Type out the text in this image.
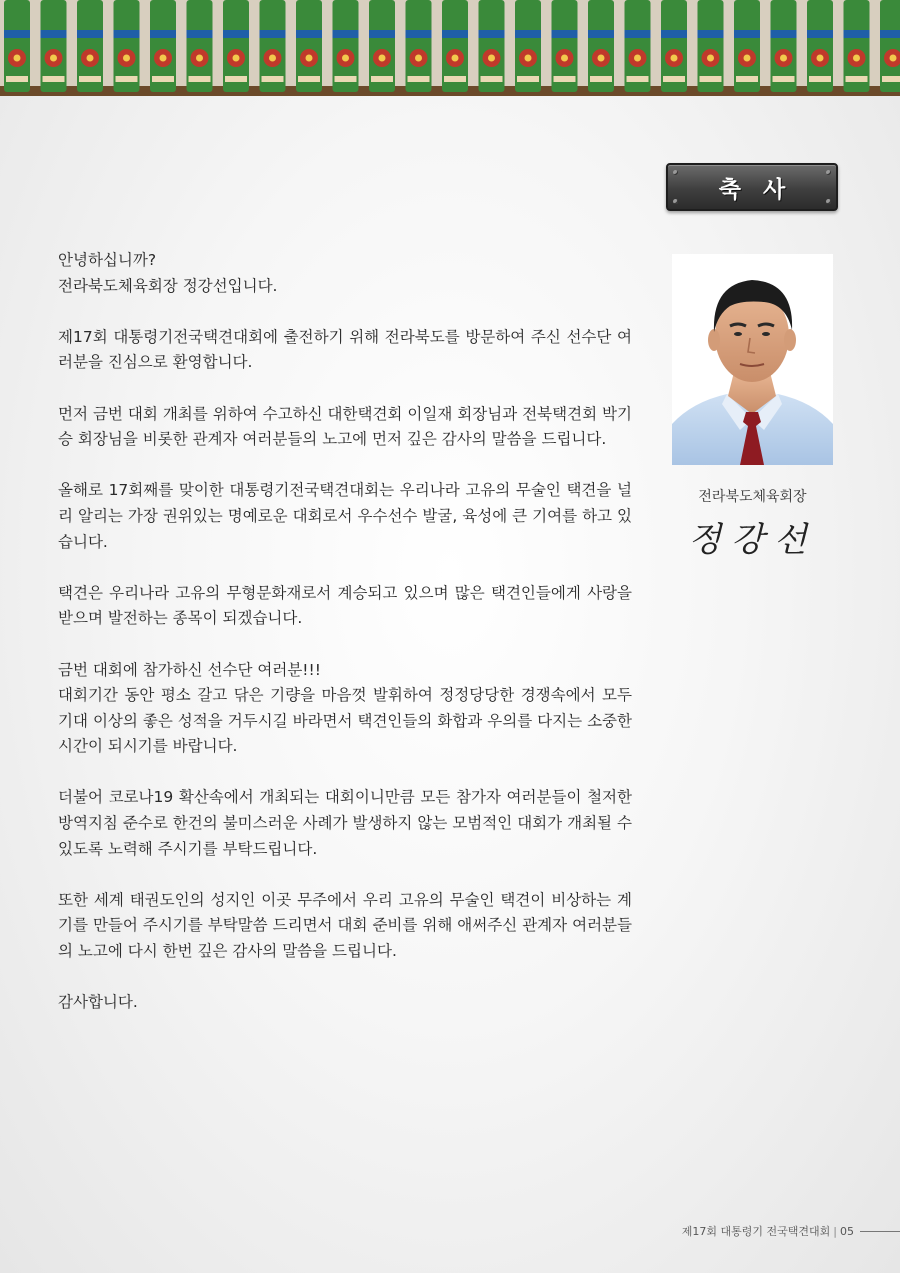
축사
전라북도체육회장
정강선

안녕하십니까?
전라북도체육회장 정강선입니다.

제17회 대통령기전국택견대회에 출전하기 위해 전라북도를 방문하여 주신 선수단 여러분을 진심으로 환영합니다.

먼저 금번 대회 개최를 위하여 수고하신 대한택견회 이일재 회장님과 전북택견회 박기승 회장님을 비롯한 관계자 여러분들의 노고에 먼저 깊은 감사의 말씀을 드립니다.

올해로 17회째를 맞이한 대통령기전국택견대회는 우리나라 고유의 무술인 택견을 널리 알리는 가장 권위있는 명예로운 대회로서 우수선수 발굴, 육성에 큰 기여를 하고 있습니다.

택견은 우리나라 고유의 무형문화재로서 계승되고 있으며 많은 택견인들에게 사랑을 받으며 발전하는 종목이 되겠습니다.

금번 대회에 참가하신 선수단 여러분!!!
대회기간 동안 평소 갈고 닦은 기량을 마음껏 발휘하여 정정당당한 경쟁속에서 모두 기대 이상의 좋은 성적을 거두시길 바라면서 택견인들의 화합과 우의를 다지는 소중한 시간이 되시기를 바랍니다.

더불어 코로나19 확산속에서 개최되는 대회이니만큼 모든 참가자 여러분들이 철저한 방역지침 준수로 한건의 불미스러운 사례가 발생하지 않는 모범적인 대회가 개최될 수 있도록 노력해 주시기를 부탁드립니다.

또한 세계 태권도인의 성지인 이곳 무주에서 우리 고유의 무술인 택견이 비상하는 계기를 만들어 주시기를 부탁말씀 드리면서 대회 준비를 위해 애써주신 관계자 여러분들의 노고에 다시 한번 깊은 감사의 말씀을 드립니다.

감사합니다.

제17회 대통령기 전국택견대회 | 05
